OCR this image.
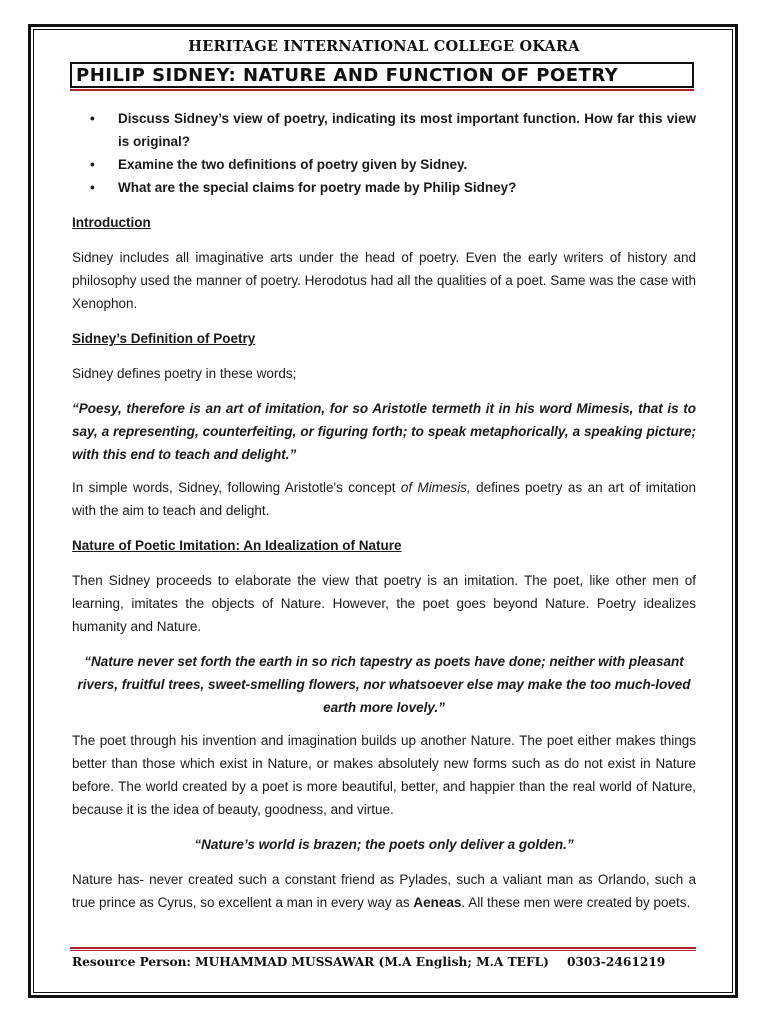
HERITAGE INTERNATIONAL COLLEGE OKARA
PHILIP SIDNEY: NATURE AND FUNCTION OF POETRY
• Discuss Sidney’s view of poetry, indicating its most important function. How far this view is original?
• Examine the two definitions of poetry given by Sidney.
• What are the special claims for poetry made by Philip Sidney?

Introduction

Sidney includes all imaginative arts under the head of poetry. Even the early writers of history and philosophy used the manner of poetry. Herodotus had all the qualities of a poet. Same was the case with Xenophon.

Sidney’s Definition of Poetry

Sidney defines poetry in these words;

“Poesy, therefore is an art of imitation, for so Aristotle termeth it in his word Mimesis, that is to say, a representing, counterfeiting, or figuring forth; to speak metaphorically, a speaking picture; with this end to teach and delight.”

In simple words, Sidney, following Aristotle's concept of Mimesis, defines poetry as an art of imitation with the aim to teach and delight.

Nature of Poetic Imitation: An Idealization of Nature

Then Sidney proceeds to elaborate the view that poetry is an imitation. The poet, like other men of learning, imitates the objects of Nature. However, the poet goes beyond Nature. Poetry idealizes humanity and Nature.

“Nature never set forth the earth in so rich tapestry as poets have done; neither with pleasant rivers, fruitful trees, sweet-smelling flowers, nor whatsoever else may make the too much-loved earth more lovely.”

The poet through his invention and imagination builds up another Nature. The poet either makes things better than those which exist in Nature, or makes absolutely new forms such as do not exist in Nature before. The world created by a poet is more beautiful, better, and happier than the real world of Nature, because it is the idea of beauty, goodness, and virtue.

“Nature’s world is brazen; the poets only deliver a golden.”

Nature has- never created such a constant friend as Pylades, such a valiant man as Orlando, such a true prince as Cyrus, so excellent a man in every way as Aeneas. All these men were created by poets.

Resource Person: MUHAMMAD MUSSAWAR (M.A English; M.A TEFL) 0303-2461219
